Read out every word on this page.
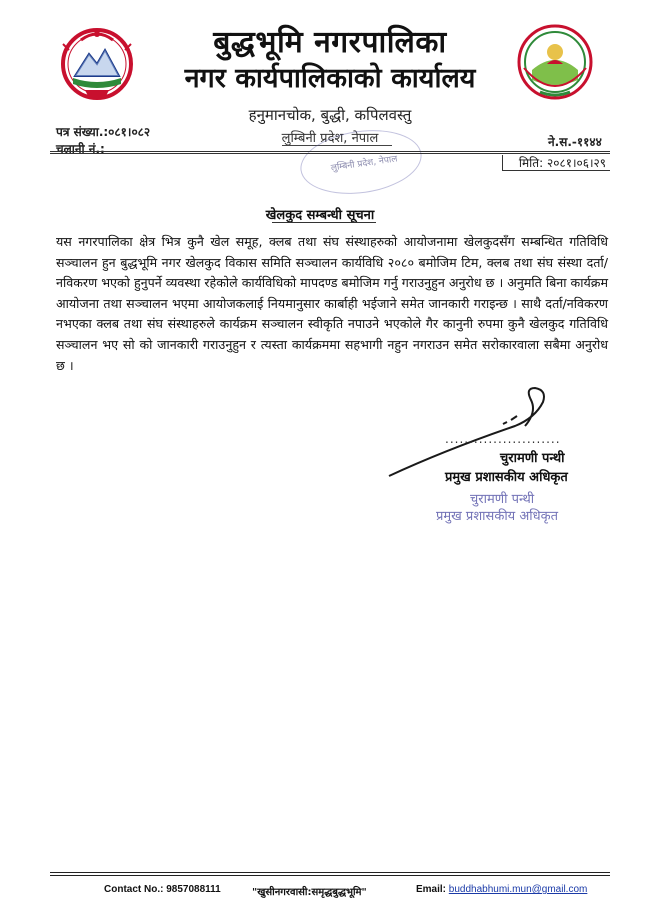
बुद्धभूमि नगरपालिका
नगर कार्यपालिकाको कार्यालय
हनुमानचोक, बुद्धी, कपिलवस्तु
लुम्बिनी प्रदेश, नेपाल
लुम्बिनी प्रदेश, नेपाल
पत्र संख्या.:०८१।०८२
चलानी नं.:	ने.स.-११४४
मिति: २०८१।०६।२९
खेलकुद सम्बन्धी सूचना
यस नगरपालिका क्षेत्र भित्र कुनै खेल समूह, क्लब तथा संघ संस्थाहरुको आयोजनामा खेलकुदसँग सम्बन्धित गतिविधि सञ्चालन हुन बुद्धभूमि नगर खेलकुद विकास समिति सञ्चालन कार्यविधि २०८० बमोजिम टिम, क्लब तथा संघ संस्था दर्ता/नविकरण भएको हुनुपर्ने व्यवस्था रहेकोले कार्यविधिको मापदण्ड बमोजिम गर्नु गराउनुहुन अनुरोध छ । अनुमति बिना कार्यक्रम आयोजना तथा सञ्चालन भएमा आयोजकलाई नियमानुसार कार्बाही भईजाने समेत जानकारी गराइन्छ । साथै दर्ता/नविकरण नभएका क्लब तथा संघ संस्थाहरुले कार्यक्रम सञ्चालन स्वीकृति नपाउने भएकोले गैर कानुनी रुपमा कुनै खेलकुद गतिविधि सञ्चालन भए सो को जानकारी गराउनुहुन र त्यस्ता कार्यक्रममा सहभागी नहुन नगराउन समेत सरोकारवाला सबैमा अनुरोध छ ।
........................
चुरामणी पन्थी
प्रमुख प्रशासकीय अधिकृत
चुरामणी पन्थी
प्रमुख प्रशासकीय अधिकृत
Contact No.: 9857088111	"खुसीनगरवासी:समृद्धबुद्धभूमि"	Email: buddhabhumi.mun@gmail.com
